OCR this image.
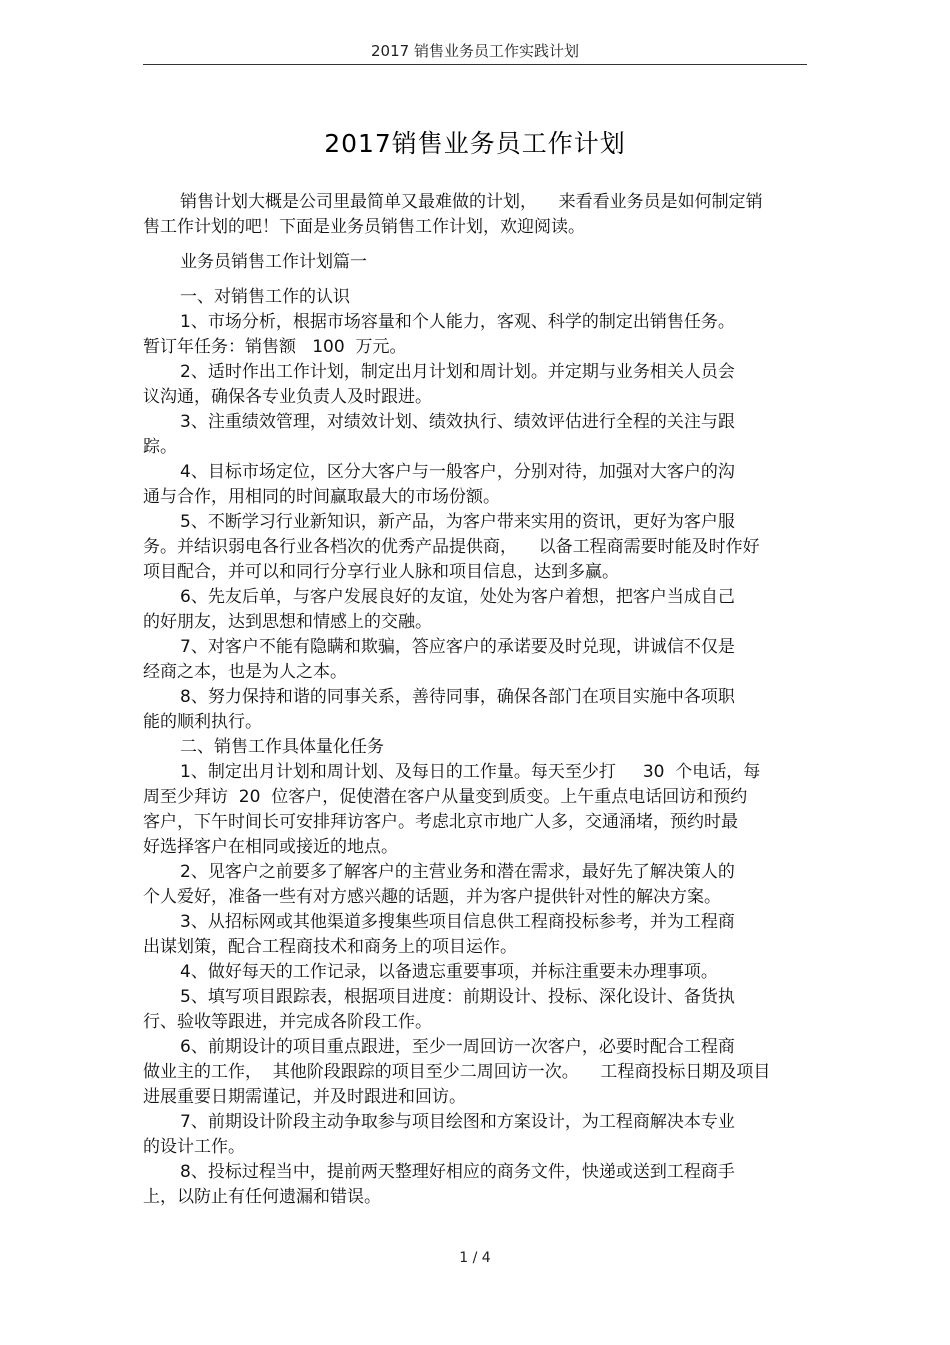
2017 销售业务员工作实践计划
2017销售业务员工作计划
销售计划大概是公司里最简单又最难做的计划，    来看看业务员是如何制定销
售工作计划的吧！下面是业务员销售工作计划，欢迎阅读。
业务员销售工作计划篇一
一、对销售工作的认识
1、市场分析，根据市场容量和个人能力，客观、科学的制定出销售任务。
暂订年任务：销售额   100  万元。
2、适时作出工作计划，制定出月计划和周计划。并定期与业务相关人员会
议沟通，确保各专业负责人及时跟进。
3、注重绩效管理，对绩效计划、绩效执行、绩效评估进行全程的关注与跟
踪。
4、目标市场定位，区分大客户与一般客户，分别对待，加强对大客户的沟
通与合作，用相同的时间赢取最大的市场份额。
5、不断学习行业新知识，新产品，为客户带来实用的资讯，更好为客户服
务。并结识弱电各行业各档次的优秀产品提供商，    以备工程商需要时能及时作好
项目配合，并可以和同行分享行业人脉和项目信息，达到多赢。
6、先友后单，与客户发展良好的友谊，处处为客户着想，把客户当成自己
的好朋友，达到思想和情感上的交融。
7、对客户不能有隐瞒和欺骗，答应客户的承诺要及时兑现，讲诚信不仅是
经商之本，也是为人之本。
8、努力保持和谐的同事关系，善待同事，确保各部门在项目实施中各项职
能的顺利执行。
二、销售工作具体量化任务
1、制定出月计划和周计划、及每日的工作量。每天至少打     30  个电话，每
周至少拜访  20  位客户，促使潜在客户从量变到质变。上午重点电话回访和预约
客户，下午时间长可安排拜访客户。考虑北京市地广人多，交通涌堵，预约时最
好选择客户在相同或接近的地点。
2、见客户之前要多了解客户的主营业务和潜在需求，最好先了解决策人的
个人爱好，准备一些有对方感兴趣的话题，并为客户提供针对性的解决方案。
3、从招标网或其他渠道多搜集些项目信息供工程商投标参考，并为工程商
出谋划策，配合工程商技术和商务上的项目运作。
4、做好每天的工作记录，以备遗忘重要事项，并标注重要未办理事项。
5、填写项目跟踪表，根据项目进度：前期设计、投标、深化设计、备货执
行、验收等跟进，并完成各阶段工作。
6、前期设计的项目重点跟进，至少一周回访一次客户，必要时配合工程商
做业主的工作，  其他阶段跟踪的项目至少二周回访一次。    工程商投标日期及项目
进展重要日期需谨记，并及时跟进和回访。
7、前期设计阶段主动争取参与项目绘图和方案设计，为工程商解决本专业
的设计工作。
8、投标过程当中，提前两天整理好相应的商务文件，快递或送到工程商手
上，以防止有任何遗漏和错误。
1 / 4
